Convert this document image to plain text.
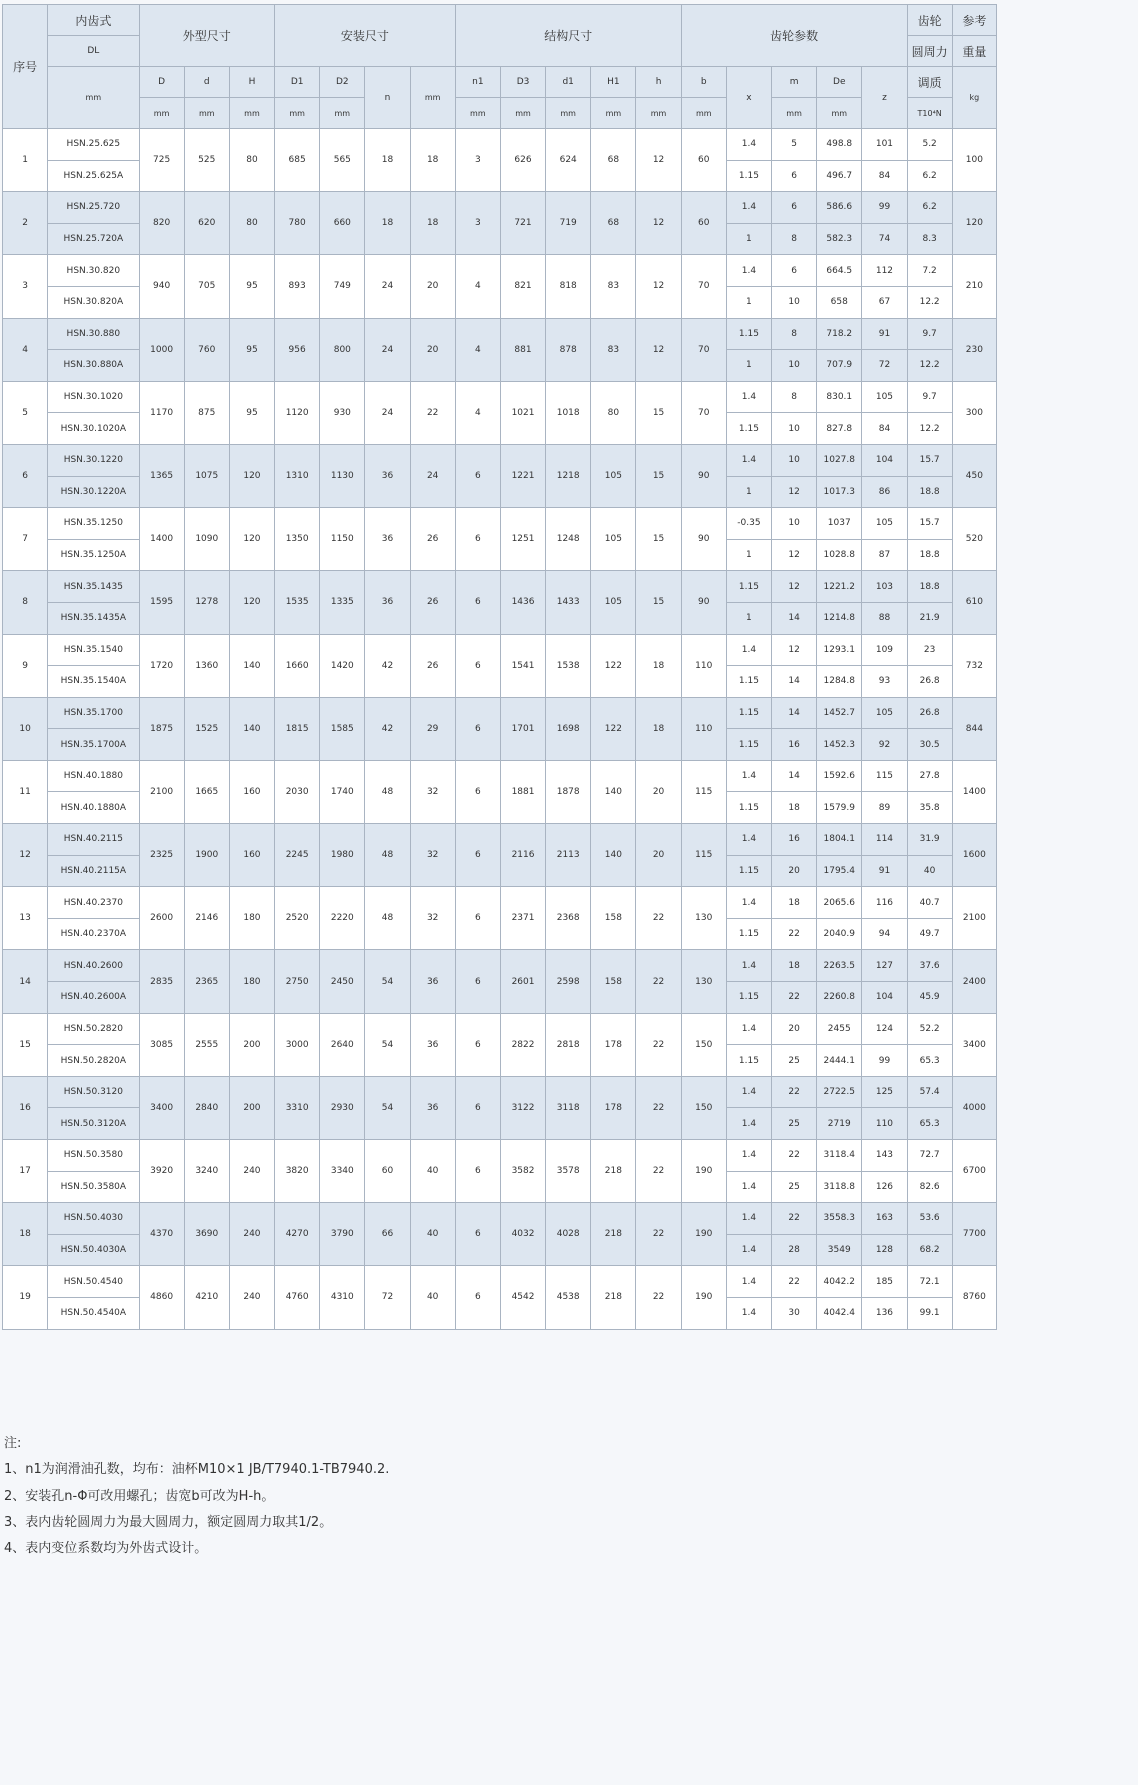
序号	内齿式	外型尺寸			安装尺寸				结构尺寸					齿轮参数					齿轮	参考
	DL																		圆周力	重量
	mm	D	d	H	D1	D2	n	mm	n1	D3	d1	H1	h	b	x	m	De	z	调质	kg
		mm	mm	mm	mm	mm			mm	mm	mm	mm	mm	mm		mm	mm		T10⁴N	
1	HSN.25.625	725	525	80	685	565	18	18	3	626	624	68	12	60	1.4	5	498.8	101	5.2	100
	HSN.25.625A														1.15	6	496.7	84	6.2	
2	HSN.25.720	820	620	80	780	660	18	18	3	721	719	68	12	60	1.4	6	586.6	99	6.2	120
	HSN.25.720A														1	8	582.3	74	8.3	
3	HSN.30.820	940	705	95	893	749	24	20	4	821	818	83	12	70	1.4	6	664.5	112	7.2	210
	HSN.30.820A														1	10	658	67	12.2	
4	HSN.30.880	1000	760	95	956	800	24	20	4	881	878	83	12	70	1.15	8	718.2	91	9.7	230
	HSN.30.880A														1	10	707.9	72	12.2	
5	HSN.30.1020	1170	875	95	1120	930	24	22	4	1021	1018	80	15	70	1.4	8	830.1	105	9.7	300
	HSN.30.1020A														1.15	10	827.8	84	12.2	
6	HSN.30.1220	1365	1075	120	1310	1130	36	24	6	1221	1218	105	15	90	1.4	10	1027.8	104	15.7	450
	HSN.30.1220A														1	12	1017.3	86	18.8	
7	HSN.35.1250	1400	1090	120	1350	1150	36	26	6	1251	1248	105	15	90	-0.35	10	1037	105	15.7	520
	HSN.35.1250A														1	12	1028.8	87	18.8	
8	HSN.35.1435	1595	1278	120	1535	1335	36	26	6	1436	1433	105	15	90	1.15	12	1221.2	103	18.8	610
	HSN.35.1435A														1	14	1214.8	88	21.9	
9	HSN.35.1540	1720	1360	140	1660	1420	42	26	6	1541	1538	122	18	110	1.4	12	1293.1	109	23	732
	HSN.35.1540A														1.15	14	1284.8	93	26.8	
10	HSN.35.1700	1875	1525	140	1815	1585	42	29	6	1701	1698	122	18	110	1.15	14	1452.7	105	26.8	844
	HSN.35.1700A														1.15	16	1452.3	92	30.5	
11	HSN.40.1880	2100	1665	160	2030	1740	48	32	6	1881	1878	140	20	115	1.4	14	1592.6	115	27.8	1400
	HSN.40.1880A														1.15	18	1579.9	89	35.8	
12	HSN.40.2115	2325	1900	160	2245	1980	48	32	6	2116	2113	140	20	115	1.4	16	1804.1	114	31.9	1600
	HSN.40.2115A														1.15	20	1795.4	91	40	
13	HSN.40.2370	2600	2146	180	2520	2220	48	32	6	2371	2368	158	22	130	1.4	18	2065.6	116	40.7	2100
	HSN.40.2370A														1.15	22	2040.9	94	49.7	
14	HSN.40.2600	2835	2365	180	2750	2450	54	36	6	2601	2598	158	22	130	1.4	18	2263.5	127	37.6	2400
	HSN.40.2600A														1.15	22	2260.8	104	45.9	
15	HSN.50.2820	3085	2555	200	3000	2640	54	36	6	2822	2818	178	22	150	1.4	20	2455	124	52.2	3400
	HSN.50.2820A														1.15	25	2444.1	99	65.3	
16	HSN.50.3120	3400	2840	200	3310	2930	54	36	6	3122	3118	178	22	150	1.4	22	2722.5	125	57.4	4000
	HSN.50.3120A														1.4	25	2719	110	65.3	
17	HSN.50.3580	3920	3240	240	3820	3340	60	40	6	3582	3578	218	22	190	1.4	22	3118.4	143	72.7	6700
	HSN.50.3580A														1.4	25	3118.8	126	82.6	
18	HSN.50.4030	4370	3690	240	4270	3790	66	40	6	4032	4028	218	22	190	1.4	22	3558.3	163	53.6	7700
	HSN.50.4030A														1.4	28	3549	128	68.2	
19	HSN.50.4540	4860	4210	240	4760	4310	72	40	6	4542	4538	218	22	190	1.4	22	4042.2	185	72.1	8760
	HSN.50.4540A														1.4	30	4042.4	136	99.1	
注:
1、n1为润滑油孔数，均布：油杯M10×1 JB/T7940.1-TB7940.2.
2、安装孔n-Φ可改用螺孔；齿宽b可改为H-h。
3、表内齿轮圆周力为最大圆周力，额定圆周力取其1/2。
4、表内变位系数均为外齿式设计。
